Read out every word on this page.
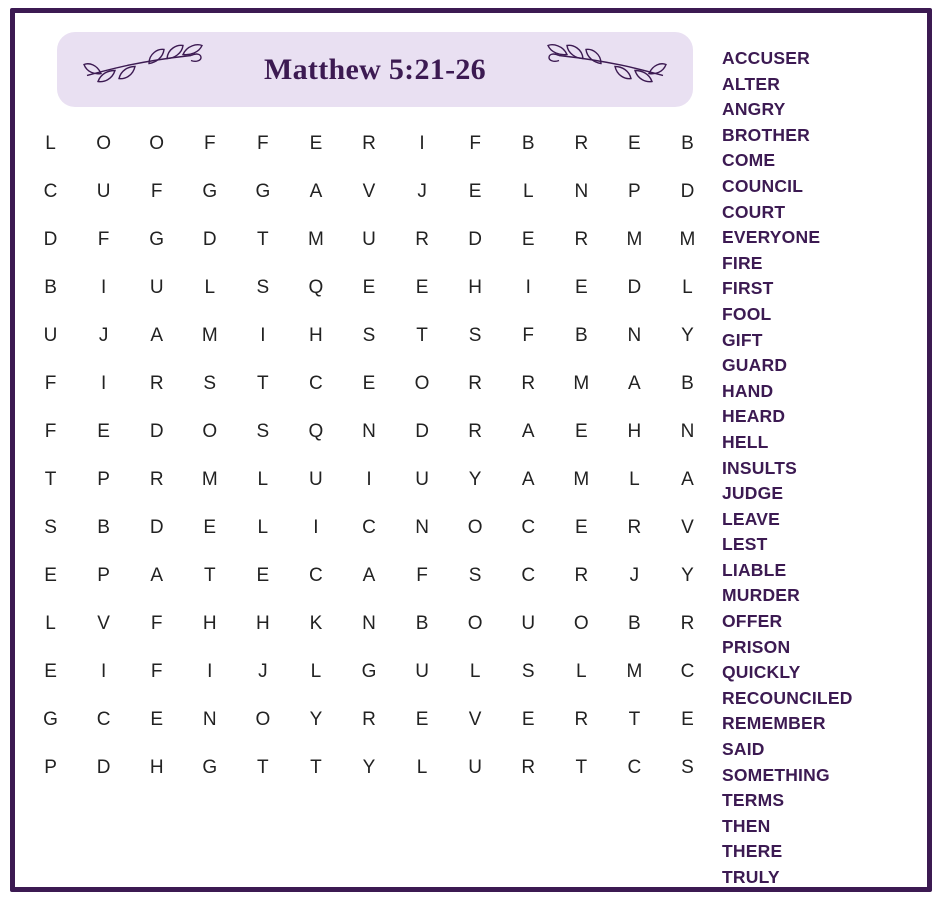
Matthew 5:21-26
L	O	O	F	F	E	R	I	F	B	R	E	B
C	U	F	G	G	A	V	J	E	L	N	P	D
D	F	G	D	T	M	U	R	D	E	R	M	M
B	I	U	L	S	Q	E	E	H	I	E	D	L
U	J	A	M	I	H	S	T	S	F	B	N	Y
F	I	R	S	T	C	E	O	R	R	M	A	B
F	E	D	O	S	Q	N	D	R	A	E	H	N
T	P	R	M	L	U	I	U	Y	A	M	L	A
S	B	D	E	L	I	C	N	O	C	E	R	V
E	P	A	T	E	C	A	F	S	C	R	J	Y
L	V	F	H	H	K	N	B	O	U	O	B	R
E	I	F	I	J	L	G	U	L	S	L	M	C
G	C	E	N	O	Y	R	E	V	E	R	T	E
P	D	H	G	T	T	Y	L	U	R	T	C	S
ACCUSER
ALTER
ANGRY
BROTHER
COME
COUNCIL
COURT
EVERYONE
FIRE
FIRST
FOOL
GIFT
GUARD
HAND
HEARD
HELL
INSULTS
JUDGE
LEAVE
LEST
LIABLE
MURDER
OFFER
PRISON
QUICKLY
RECOUNCILED
REMEMBER
SAID
SOMETHING
TERMS
THEN
THERE
TRULY
